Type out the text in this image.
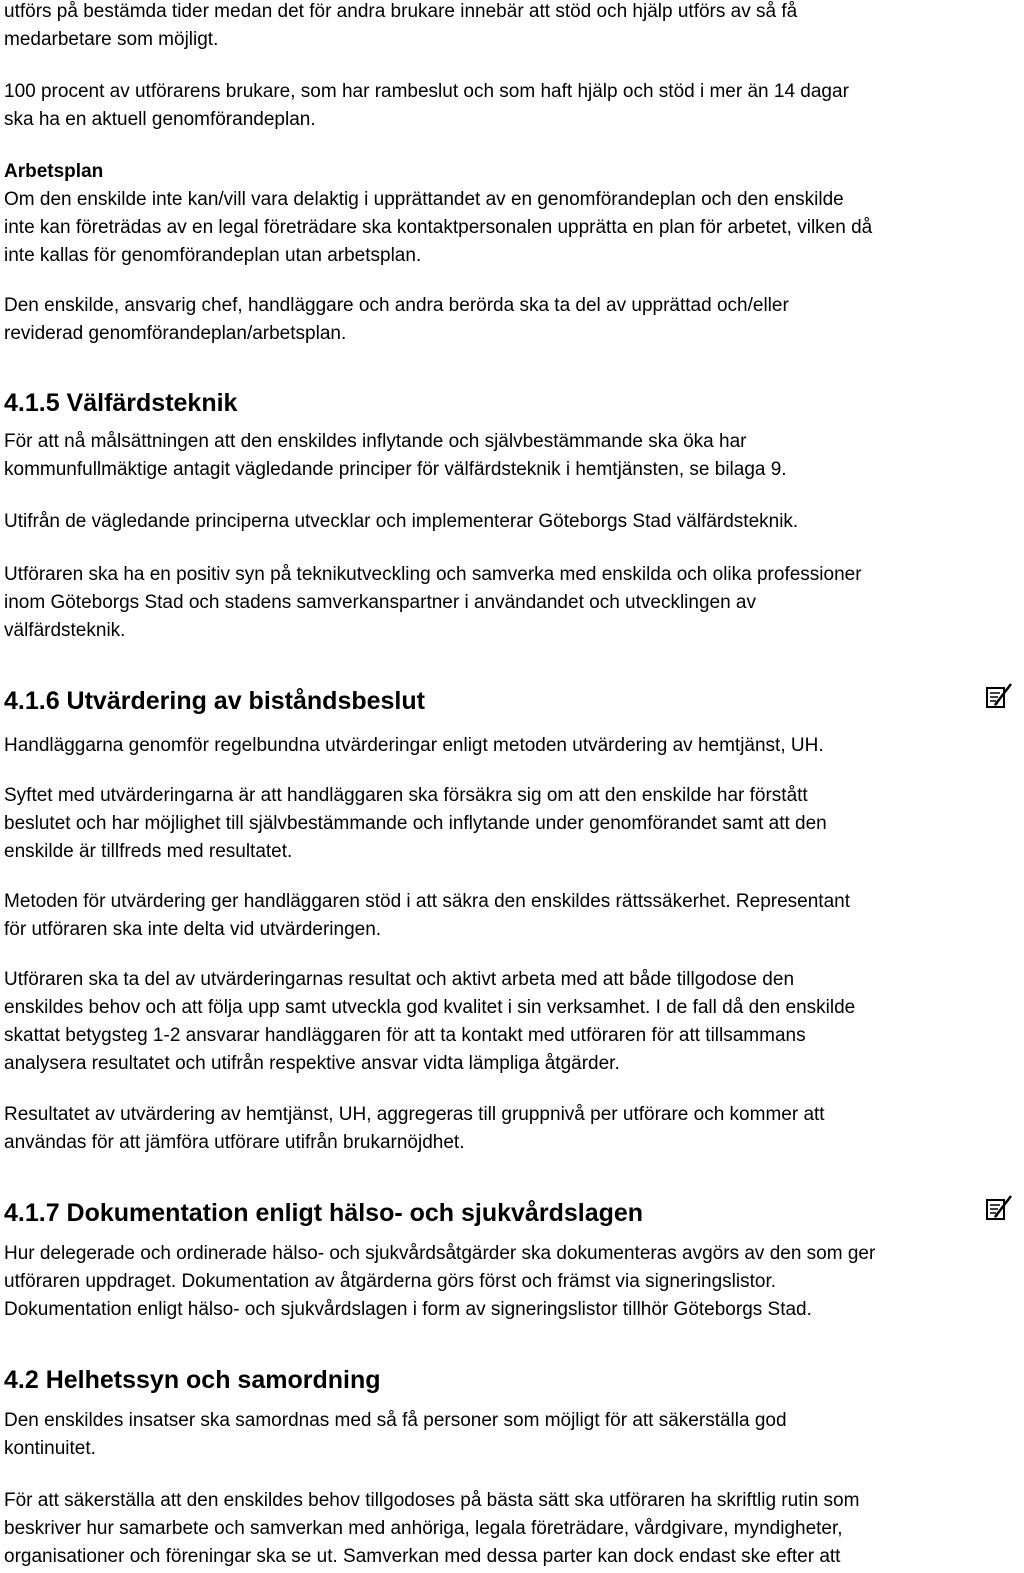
utförs på bestämda tider medan det för andra brukare innebär att stöd och hjälp utförs av så få
medarbetare som möjligt.
100 procent av utförarens brukare, som har rambeslut och som haft hjälp och stöd i mer än 14 dagar
ska ha en aktuell genomförandeplan.
Arbetsplan
Om den enskilde inte kan/vill vara delaktig i upprättandet av en genomförandeplan och den enskilde
inte kan företrädas av en legal företrädare ska kontaktpersonalen upprätta en plan för arbetet, vilken då
inte kallas för genomförandeplan utan arbetsplan.
Den enskilde, ansvarig chef, handläggare och andra berörda ska ta del av upprättad och/eller
reviderad genomförandeplan/arbetsplan.
4.1.5 Välfärdsteknik
För att nå målsättningen att den enskildes inflytande och självbestämmande ska öka har
kommunfullmäktige antagit vägledande principer för välfärdsteknik i hemtjänsten, se bilaga 9.
Utifrån de vägledande principerna utvecklar och implementerar Göteborgs Stad välfärdsteknik.
Utföraren ska ha en positiv syn på teknikutveckling och samverka med enskilda och olika professioner
inom Göteborgs Stad och stadens samverkanspartner i användandet och utvecklingen av
välfärdsteknik.
4.1.6 Utvärdering av biståndsbeslut
Handläggarna genomför regelbundna utvärderingar enligt metoden utvärdering av hemtjänst, UH.
Syftet med utvärderingarna är att handläggaren ska försäkra sig om att den enskilde har förstått
beslutet och har möjlighet till självbestämmande och inflytande under genomförandet samt att den
enskilde är tillfreds med resultatet.
Metoden för utvärdering ger handläggaren stöd i att säkra den enskildes rättssäkerhet. Representant
för utföraren ska inte delta vid utvärderingen.
Utföraren ska ta del av utvärderingarnas resultat och aktivt arbeta med att både tillgodose den
enskildes behov och att följa upp samt utveckla god kvalitet i sin verksamhet. I de fall då den enskilde
skattat betygsteg 1-2 ansvarar handläggaren för att ta kontakt med utföraren för att tillsammans
analysera resultatet och utifrån respektive ansvar vidta lämpliga åtgärder.
Resultatet av utvärdering av hemtjänst, UH, aggregeras till gruppnivå per utförare och kommer att
användas för att jämföra utförare utifrån brukarnöjdhet.
4.1.7 Dokumentation enligt hälso- och sjukvårdslagen
Hur delegerade och ordinerade hälso- och sjukvårdsåtgärder ska dokumenteras avgörs av den som ger
utföraren uppdraget. Dokumentation av åtgärderna görs först och främst via signeringslistor.
Dokumentation enligt hälso- och sjukvårdslagen i form av signeringslistor tillhör Göteborgs Stad.
4.2 Helhetssyn och samordning
Den enskildes insatser ska samordnas med så få personer som möjligt för att säkerställa god
kontinuitet.
För att säkerställa att den enskildes behov tillgodoses på bästa sätt ska utföraren ha skriftlig rutin som
beskriver hur samarbete och samverkan med anhöriga, legala företrädare, vårdgivare, myndigheter,
organisationer och föreningar ska se ut. Samverkan med dessa parter kan dock endast ske efter att
